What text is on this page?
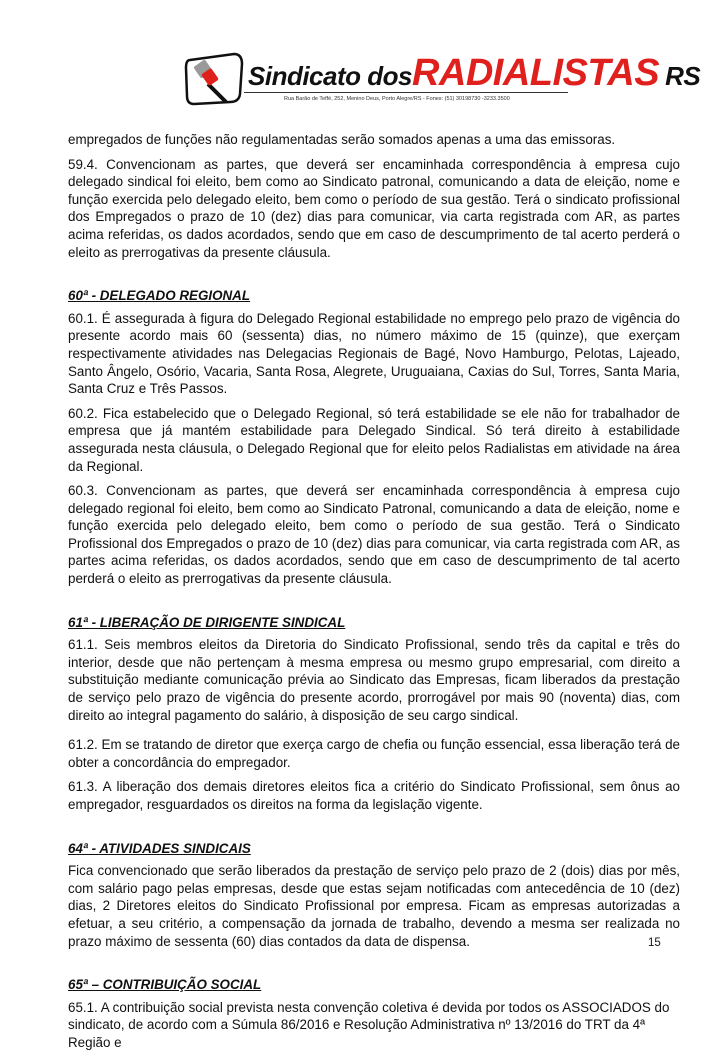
Sindicato dosRADIALISTAS RS
Rua Barão de Teffé, 252, Menino Deus, Porto Alegre/RS - Fones: (51) 30198730 -3233.3500

empregados de funções não regulamentadas serão somados apenas a uma das emissoras.

59.4. Convencionam as partes, que deverá ser encaminhada correspondência à empresa cujo delegado sindical foi eleito, bem como ao Sindicato patronal, comunicando a data de eleição, nome e função exercida pelo delegado eleito, bem como o período de sua gestão. Terá o sindicato profissional dos Empregados o prazo de 10 (dez) dias para comunicar, via carta registrada com AR, as partes acima referidas, os dados acordados, sendo que em caso de descumprimento de tal acerto perderá o eleito as prerrogativas da presente cláusula.

60ª - DELEGADO REGIONAL

60.1. É assegurada à figura do Delegado Regional estabilidade no emprego pelo prazo de vigência do presente acordo mais 60 (sessenta) dias, no número máximo de 15 (quinze), que exerçam respectivamente atividades nas Delegacias Regionais de Bagé, Novo Hamburgo, Pelotas, Lajeado, Santo Ângelo, Osório, Vacaria, Santa Rosa, Alegrete, Uruguaiana, Caxias do Sul, Torres, Santa Maria, Santa Cruz e Três Passos.

60.2. Fica estabelecido que o Delegado Regional, só terá estabilidade se ele não for trabalhador de empresa que já mantém estabilidade para Delegado Sindical. Só terá direito à estabilidade assegurada nesta cláusula, o Delegado Regional que for eleito pelos Radialistas em atividade na área da Regional.

60.3. Convencionam as partes, que deverá ser encaminhada correspondência à empresa cujo delegado regional foi eleito, bem como ao Sindicato Patronal, comunicando a data de eleição, nome e função exercida pelo delegado eleito, bem como o período de sua gestão. Terá o Sindicato Profissional dos Empregados o prazo de 10 (dez) dias para comunicar, via carta registrada com AR, as partes acima referidas, os dados acordados, sendo que em caso de descumprimento de tal acerto perderá o eleito as prerrogativas da presente cláusula.

61ª - LIBERAÇÃO DE DIRIGENTE SINDICAL

61.1. Seis membros eleitos da Diretoria do Sindicato Profissional, sendo três da capital e três do interior, desde que não pertençam à mesma empresa ou mesmo grupo empresarial, com direito a substituição mediante comunicação prévia ao Sindicato das Empresas, ficam liberados da prestação de serviço pelo prazo de vigência do presente acordo, prorrogável por mais 90 (noventa) dias, com direito ao integral pagamento do salário, à disposição de seu cargo sindical.

61.2. Em se tratando de diretor que exerça cargo de chefia ou função essencial, essa liberação terá de obter a concordância do empregador.

61.3. A liberação dos demais diretores eleitos fica a critério do Sindicato Profissional, sem ônus ao empregador, resguardados os direitos na forma da legislação vigente.

64ª - ATIVIDADES SINDICAIS

Fica convencionado que serão liberados da prestação de serviço pelo prazo de 2 (dois) dias por mês, com salário pago pelas empresas, desde que estas sejam notificadas com antecedência de 10 (dez) dias, 2 Diretores eleitos do Sindicato Profissional por empresa. Ficam as empresas autorizadas a efetuar, a seu critério, a compensação da jornada de trabalho, devendo a mesma ser realizada no prazo máximo de sessenta (60) dias contados da data de dispensa.

65ª – CONTRIBUIÇÃO SOCIAL

65.1. A contribuição social prevista nesta convenção coletiva é devida por todos os ASSOCIADOS do sindicato, de acordo com a Súmula 86/2016 e Resolução Administrativa nº 13/2016 do TRT da 4ª Região e

15
